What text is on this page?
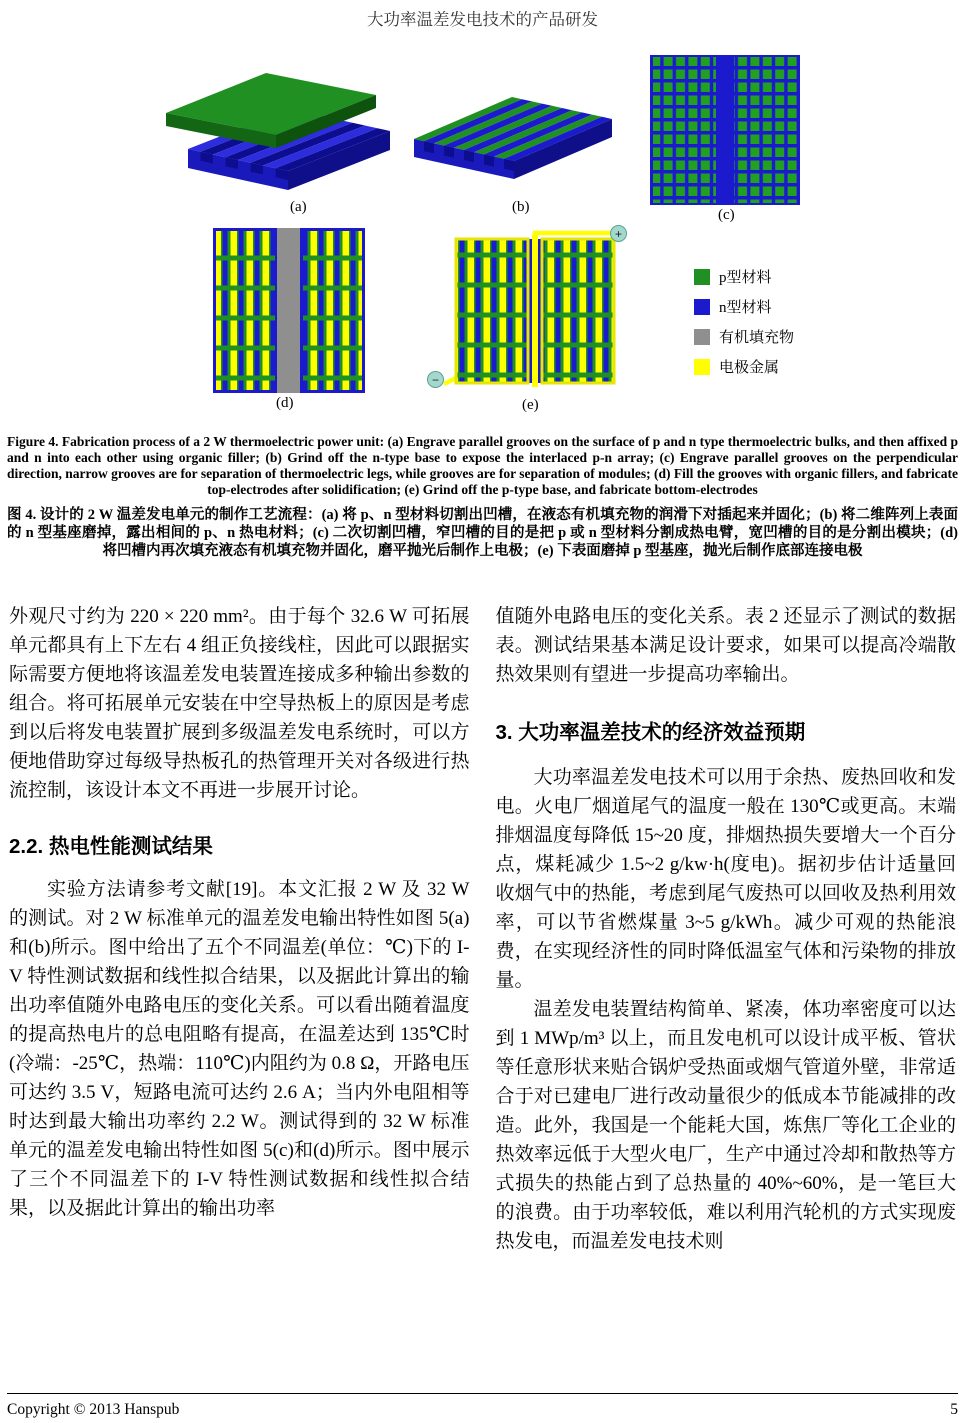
大功率温差发电技术的产品研发
+
−
(a)	(b)	(c)
(d)	(e)
p型材料
n型材料
有机填充物
电极金属
Figure 4. Fabrication process of a 2 W thermoelectric power unit: (a) Engrave parallel grooves on the surface of p and n type thermoelectric bulks, and then affixed p and n into each other using organic filler; (b) Grind off the n-type base to expose the interlaced p-n array; (c) Engrave parallel grooves on the perpendicular direction, narrow grooves are for separation of thermoelectric legs, while grooves are for separation of modules; (d) Fill the grooves with organic fillers, and fabricate top-electrodes after solidification; (e) Grind off the p-type base, and fabricate bottom-electrodes
图 4. 设计的 2 W 温差发电单元的制作工艺流程：(a) 将 p、n 型材料切割出凹槽，在液态有机填充物的润滑下对插起来并固化；(b) 将二维阵列上表面的 n 型基座磨掉，露出相间的 p、n 热电材料；(c) 二次切割凹槽，窄凹槽的目的是把 p 或 n 型材料分割成热电臂，宽凹槽的目的是分割出模块；(d) 将凹槽内再次填充液态有机填充物并固化，磨平抛光后制作上电极；(e) 下表面磨掉 p 型基座，抛光后制作底部连接电极

外观尺寸约为 220 × 220 mm²。由于每个 32.6 W 可拓展单元都具有上下左右 4 组正负接线柱，因此可以跟据实际需要方便地将该温差发电装置连接成多种输出参数的组合。将可拓展单元安装在中空导热板上的原因是考虑到以后将发电装置扩展到多级温差发电系统时，可以方便地借助穿过每级导热板孔的热管理开关对各级进行热流控制，该设计本文不再进一步展开讨论。

2.2. 热电性能测试结果

实验方法请参考文献[19]。本文汇报 2 W 及 32 W 的测试。对 2 W 标准单元的温差发电输出特性如图 5(a)和(b)所示。图中给出了五个不同温差(单位：℃)下的 I-V 特性测试数据和线性拟合结果，以及据此计算出的输出功率值随外电路电压的变化关系。可以看出随着温度的提高热电片的总电阻略有提高，在温差达到 135℃时(冷端：-25℃，热端：110℃)内阻约为 0.8 Ω，开路电压可达约 3.5 V，短路电流可达约 2.6 A；当内外电阻相等时达到最大输出功率约 2.2 W。测试得到的 32 W 标准单元的温差发电输出特性如图 5(c)和(d)所示。图中展示了三个不同温差下的 I-V 特性测试数据和线性拟合结果，以及据此计算出的输出功率

值随外电路电压的变化关系。表 2 还显示了测试的数据表。测试结果基本满足设计要求，如果可以提高冷端散热效果则有望进一步提高功率输出。

3. 大功率温差技术的经济效益预期

大功率温差发电技术可以用于余热、废热回收和发电。火电厂烟道尾气的温度一般在 130℃或更高。末端排烟温度每降低 15~20 度，排烟热损失要增大一个百分点，煤耗减少 1.5~2 g/kw·h(度电)。据初步估计适量回收烟气中的热能，考虑到尾气废热可以回收及热利用效率，可以节省燃煤量 3~5 g/kWh。减少可观的热能浪费，在实现经济性的同时降低温室气体和污染物的排放量。

温差发电装置结构简单、紧凑，体功率密度可以达到 1 MWp/m³ 以上，而且发电机可以设计成平板、管状等任意形状来贴合锅炉受热面或烟气管道外壁，非常适合于对已建电厂进行改动量很少的低成本节能减排的改造。此外，我国是一个能耗大国，炼焦厂等化工企业的热效率远低于大型火电厂，生产中通过冷却和散热等方式损失的热能占到了总热量的 40%~60%，是一笔巨大的浪费。由于功率较低，难以利用汽轮机的方式实现废热发电，而温差发电技术则

Copyright © 2013 Hanspub	5
